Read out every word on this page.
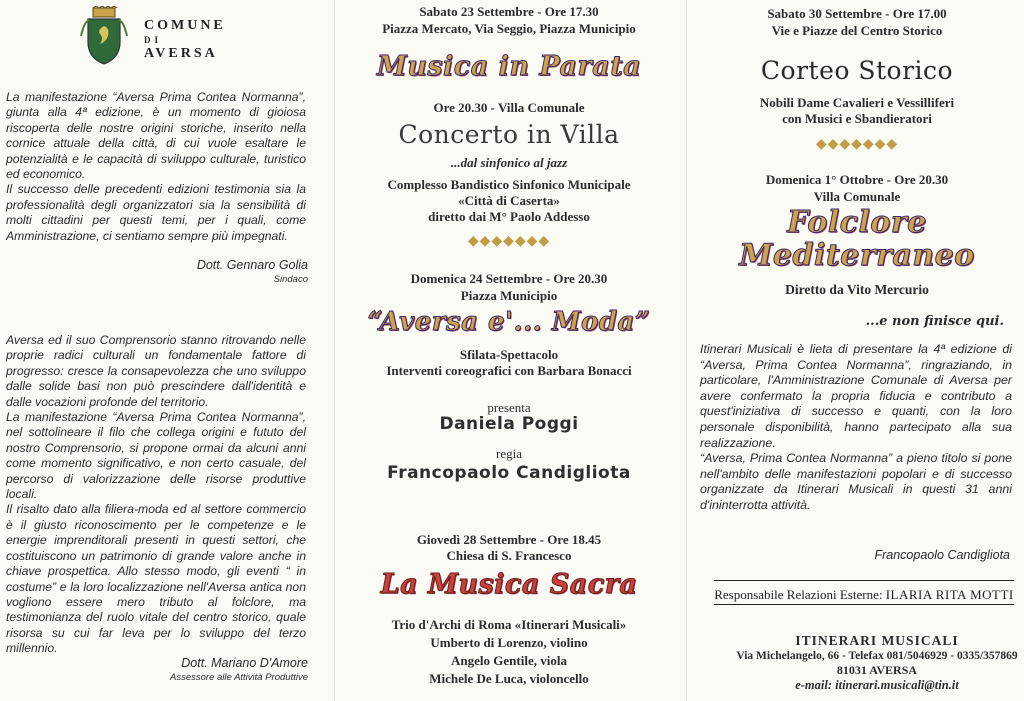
COMUNE
DI
AVERSA

La manifestazione “Aversa Prima Contea Normanna”, giunta alla 4ª edizione, è un momento di gioiosa riscoperta delle nostre origini storiche, inserito nella cornice attuale della città, di cui vuole esaltare le potenzialità e le capacità di sviluppo culturale, turistico ed economico.

Il successo delle precedenti edizioni testimonia sia la professionalità degli organizzatori sia la sensibilità di molti cittadini per questi temi, per i quali, come Amministrazione, ci sentiamo sempre più impegnati.

Dott. Gennaro Golia
Sindaco

Aversa ed il suo Comprensorio stanno ritrovando nelle proprie radici culturali un fondamentale fattore di progresso: cresce la consapevolezza che uno sviluppo dalle solide basi non può prescindere dall'identità e dalle vocazioni profonde del territorio.

La manifestazione “Aversa Prima Contea Normanna”, nel sottolineare il filo che collega origini e fututo del nostro Comprensorio, si propone ormai da alcuni anni come momento significativo, e non certo casuale, del percorso di valorizzazione delle risorse produttive locali.

Il risalto dato alla filiera-moda ed al settore commercio è il giusto riconoscimento per le competenze e le energie imprenditorali presenti in questi settori, che costituiscono un patrimonio di grande valore anche in chiave prospettica. Allo stesso modo, gli eventi “ in costume” e la loro localizzazione nell'Aversa antica non vogliono essere mero tributo al folclore, ma testimonianza del ruolo vitale del centro storico, quale risorsa su cui far leva per lo sviluppo del terzo millennio.

Dott. Mariano D'Amore
Assessore alle Attività Produttive
Sabato 23 Settembre - Ore 17.30
Piazza Mercato, Via Seggio, Piazza Municipio
Musica in Parata
Ore 20.30 - Villa Comunale
Concerto in Villa
...dal sinfonico al jazz
Complesso Bandistico Sinfonico Municipale
«Città di Caserta»
diretto dai M° Paolo Addesso
◆◆◆◆◆◆◆
Domenica 24 Settembre - Ore 20.30
Piazza Municipio
“Aversa e'... Moda”
Sfilata-Spettacolo
Interventi coreografici con Barbara Bonacci
presenta
Daniela Poggi
regia
Francopaolo Candigliota
Giovedì 28 Settembre - Ore 18.45
Chiesa di S. Francesco
La Musica Sacra
Trio d'Archi di Roma «Itinerari Musicali»
Umberto di Lorenzo, violino
Angelo Gentile, viola
Michele De Luca, violoncello
Sabato 30 Settembre - Ore 17.00
Vie e Piazze del Centro Storico
Corteo Storico
Nobili Dame Cavalieri e Vessilliferi
con Musici e Sbandieratori
◆◆◆◆◆◆◆
Domenica 1° Ottobre - Ore 20.30
Villa Comunale
Folclore
Mediterraneo
Diretto da Vito Mercurio
...e non finisce qui.

Itinerari Musicali è lieta di presentare la 4ª edizione di “Aversa, Prima Contea Normanna”, ringraziando, in particolare, l'Amministrazione Comunale di Aversa per avere confermato la propria fiducia e contributo a quest'iniziativa di successo e quanti, con la loro personale disponibilità, hanno partecipato alla sua realizzazione.

“Aversa, Prima Contea Normanna” a pieno titolo si pone nell'ambito delle manifestazioni popolari e di successo organizzate da Itinerari Musicali in questi 31 anni d'ininterrotta attività.

Francopaolo Candigliota
Responsabile Relazioni Esterne: ILARIA RITA MOTTI
ITINERARI MUSICALI
Via Michelangelo, 66 - Telefax 081/5046929 - 0335/357869
81031 AVERSA
e-mail: itinerari.musicali@tin.it
